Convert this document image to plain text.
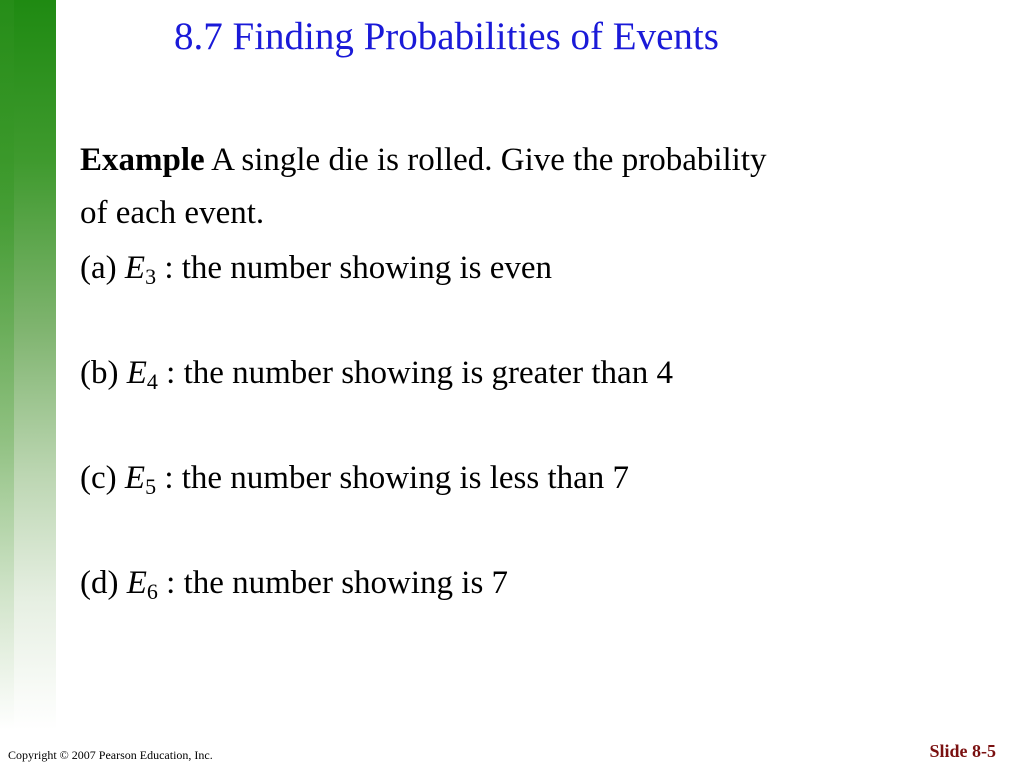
8.7 Finding Probabilities of Events
Example A single die is rolled. Give the probability
of each event.
(a) $E_3$ : the number showing is even
(b) $E_4$ : the number showing is greater than 4
(c) $E_5$ : the number showing is less than 7
(d) $E_6$ : the number showing is 7
Copyright © 2007 Pearson Education, Inc.	Slide 8-5
